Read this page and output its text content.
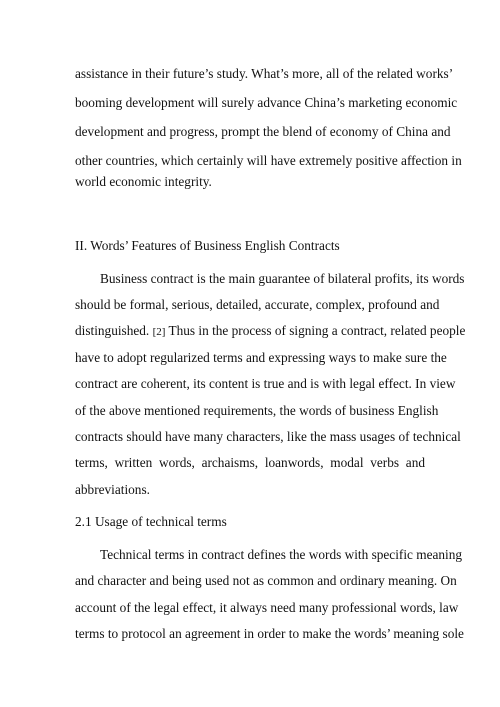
assistance in their future’s study. What’s more, all of the related works’
booming development will surely advance China’s marketing economic
development and progress, prompt the blend of economy of China and
other countries, which certainly will have extremely positive affection in
world economic integrity.
II. Words’ Features of Business English Contracts
Business contract is the main guarantee of bilateral profits, its words
should be formal, serious, detailed, accurate, complex, profound and
distinguished. [2] Thus in the process of signing a contract, related people
have to adopt regularized terms and expressing ways to make sure the
contract are coherent, its content is true and is with legal effect. In view
of the above mentioned requirements, the words of business English
contracts should have many characters, like the mass usages of technical
terms, written words, archaisms, loanwords, modal verbs and
abbreviations.
2.1 Usage of technical terms
Technical terms in contract defines the words with specific meaning
and character and being used not as common and ordinary meaning. On
account of the legal effect, it always need many professional words, law
terms to protocol an agreement in order to make the words’ meaning sole
